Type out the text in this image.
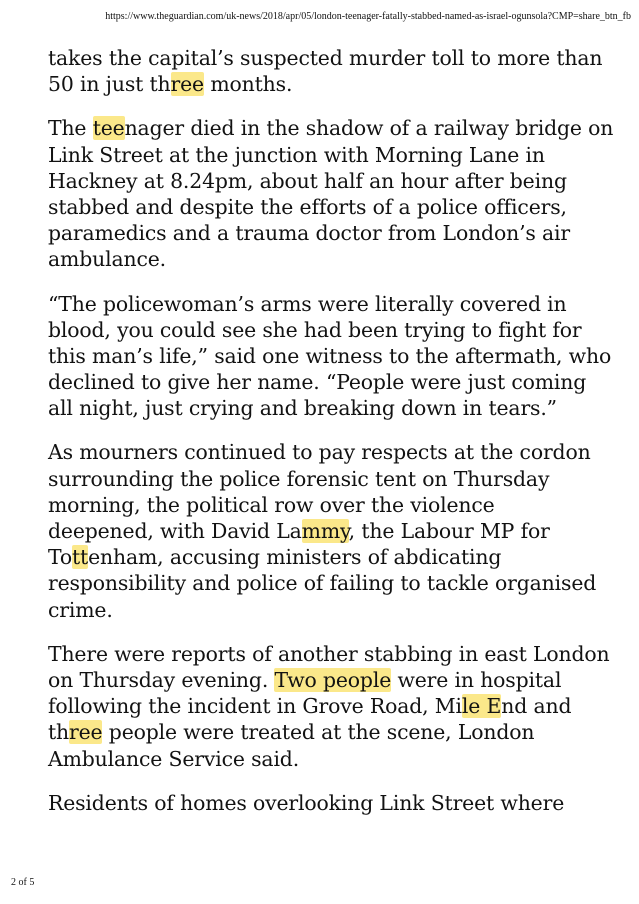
https://www.theguardian.com/uk-news/2018/apr/05/london-teenager-fatally-stabbed-named-as-israel-ogunsola?CMP=share_btn_fb
takes the capital’s suspected murder toll to more than
50 in just three months.
The teenager died in the shadow of a railway bridge on
Link Street at the junction with Morning Lane in
Hackney at 8.24pm, about half an hour after being
stabbed and despite the efforts of a police officers,
paramedics and a trauma doctor from London’s air
ambulance.
“The policewoman’s arms were literally covered in
blood, you could see she had been trying to fight for
this man’s life,” said one witness to the aftermath, who
declined to give her name. “People were just coming
all night, just crying and breaking down in tears.”
As mourners continued to pay respects at the cordon
surrounding the police forensic tent on Thursday
morning, the political row over the violence
deepened, with David Lammy, the Labour MP for
Tottenham, accusing ministers of abdicating
responsibility and police of failing to tackle organised
crime.
There were reports of another stabbing in east London
on Thursday evening. Two people were in hospital
following the incident in Grove Road, Mile End and
three people were treated at the scene, London
Ambulance Service said.
Residents of homes overlooking Link Street where
2 of 5
